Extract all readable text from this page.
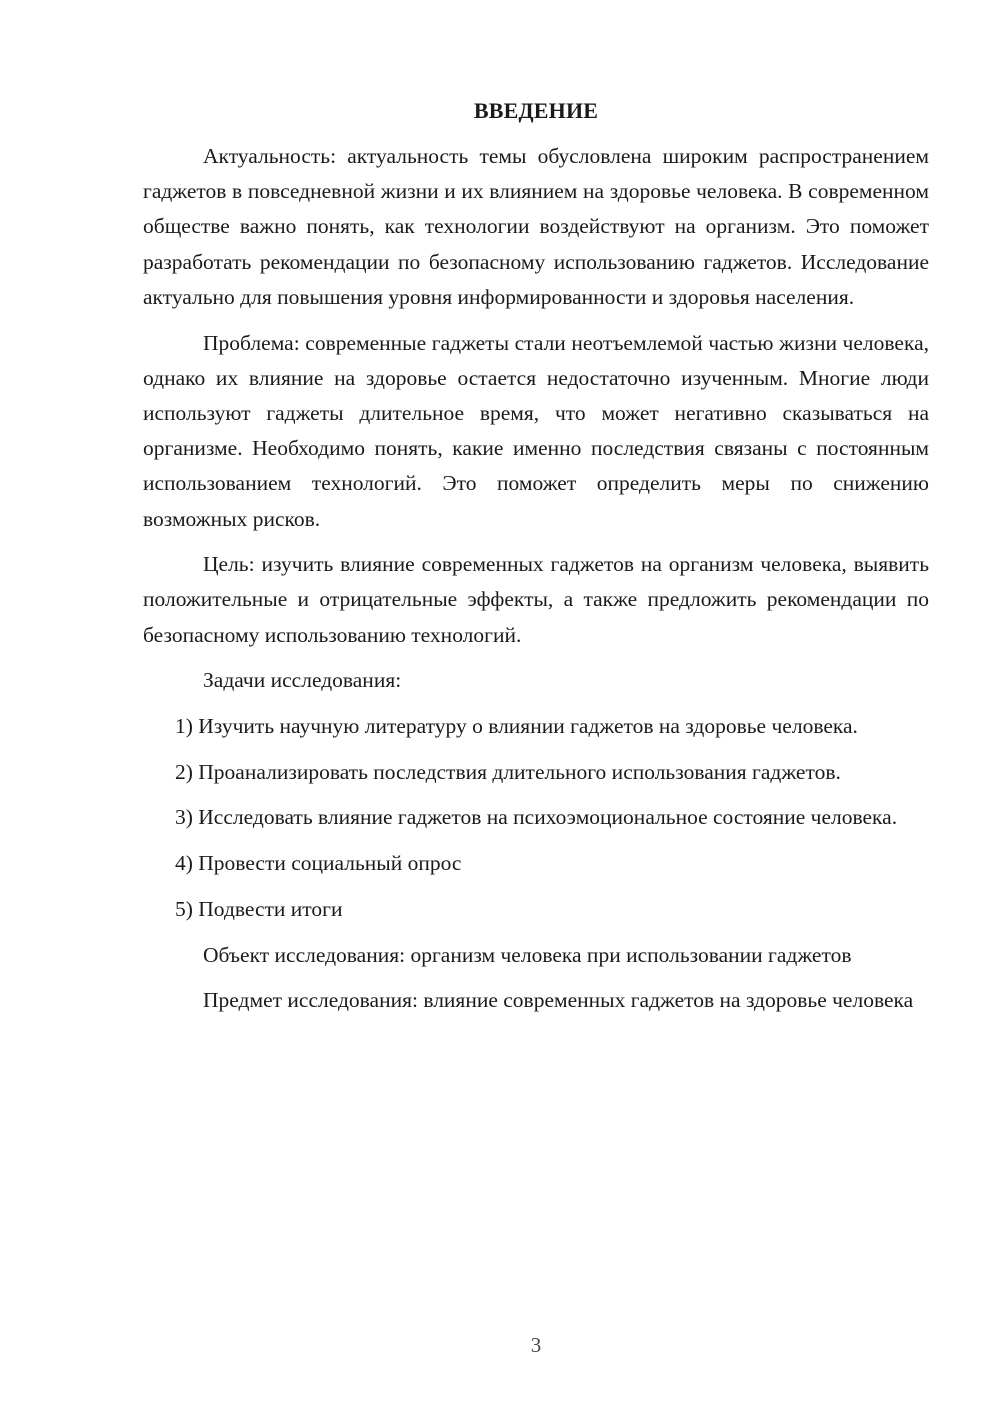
ВВЕДЕНИЕ

Актуальность: актуальность темы обусловлена широким распространением гаджетов в повседневной жизни и их влиянием на здоровье человека. В современном обществе важно понять, как технологии воздействуют на организм. Это поможет разработать рекомендации по безопасному использованию гаджетов. Исследование актуально для повышения уровня информированности и здоровья населения.

Проблема: современные гаджеты стали неотъемлемой частью жизни человека, однако их влияние на здоровье остается недостаточно изученным. Многие люди используют гаджеты длительное время, что может негативно сказываться на организме. Необходимо понять, какие именно последствия связаны с постоянным использованием технологий. Это поможет определить меры по снижению возможных рисков.

Цель: изучить влияние современных гаджетов на организм человека, выявить положительные и отрицательные эффекты, а также предложить рекомендации по безопасному использованию технологий.

Задачи исследования:

1) Изучить научную литературу о влиянии гаджетов на здоровье человека.

2) Проанализировать последствия длительного использования гаджетов.

3) Исследовать влияние гаджетов на психоэмоциональное состояние человека.

4) Провести социальный опрос

5) Подвести итоги

Объект исследования: организм человека при использовании гаджетов

Предмет исследования: влияние современных гаджетов на здоровье человека

3
